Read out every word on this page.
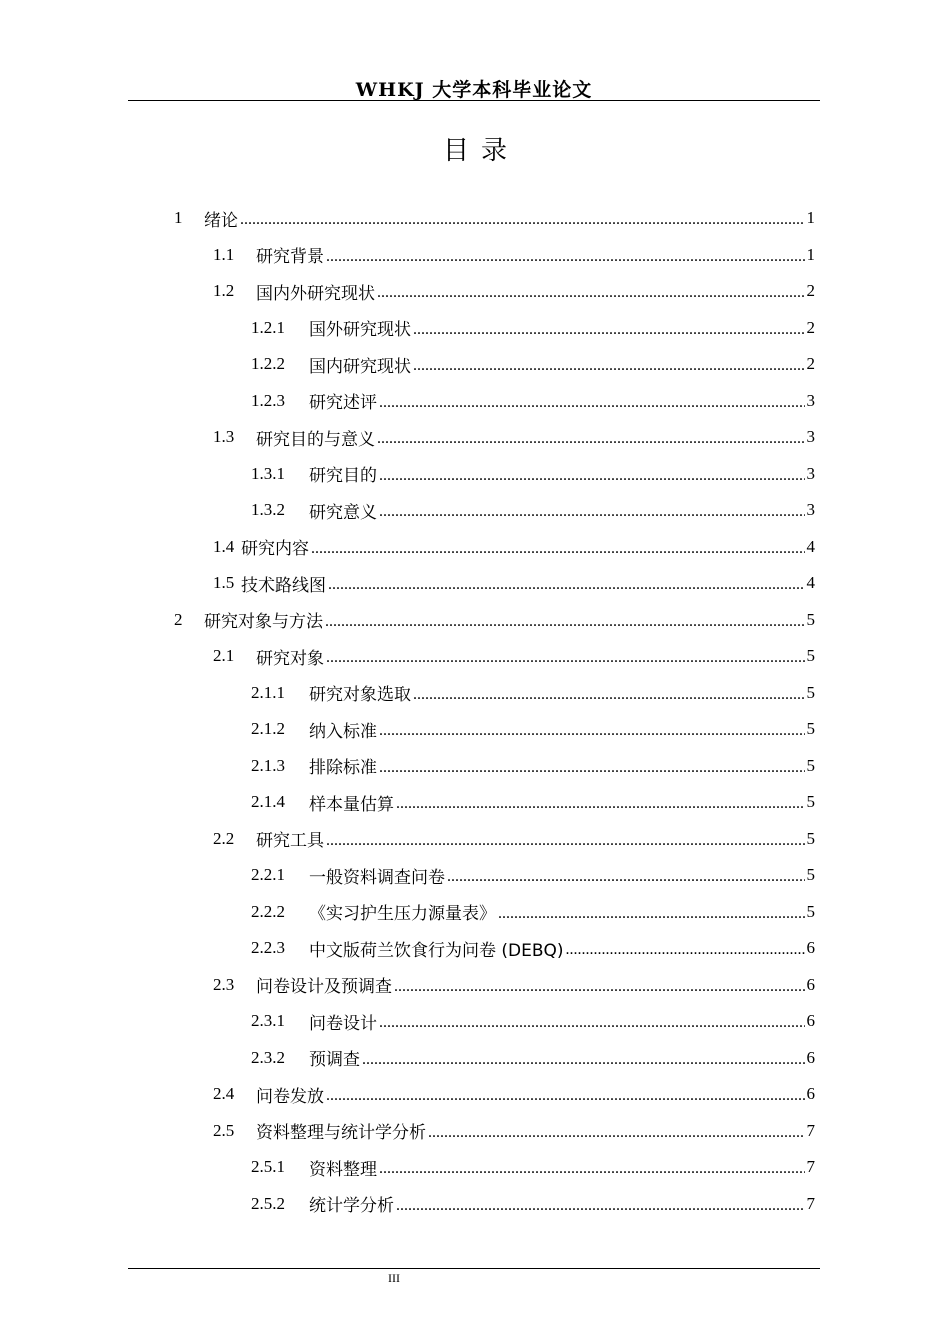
WHKJ 大学本科毕业论文
目录
1	绪论 .....	1
1.1	研究背景 .....	1
1.2	国内外研究现状 .....	2
1.2.1	国外研究现状 .....	2
1.2.2	国内研究现状 .....	2
1.2.3	研究述评 .....	3
1.3	研究目的与意义 .....	3
1.3.1	研究目的 .....	3
1.3.2	研究意义 .....	3
1.4 研究内容 .....	4
1.5 技术路线图 .....	4
2	研究对象与方法 .....	5
2.1	研究对象 .....	5
2.1.1	研究对象选取 .....	5
2.1.2	纳入标准 .....	5
2.1.3	排除标准 .....	5
2.1.4	样本量估算 .....	5
2.2	研究工具 .....	5
2.2.1	一般资料调查问卷 .....	5
2.2.2	《实习护生压力源量表》 .....	5
2.2.3	中文版荷兰饮食行为问卷 (DEBQ) .....	6
2.3	问卷设计及预调查 .....	6
2.3.1	问卷设计 .....	6
2.3.2	预调查 .....	6
2.4	问卷发放 .....	6
2.5	资料整理与统计学分析 .....	7
2.5.1	资料整理 .....	7
2.5.2	统计学分析 .....	7
III
